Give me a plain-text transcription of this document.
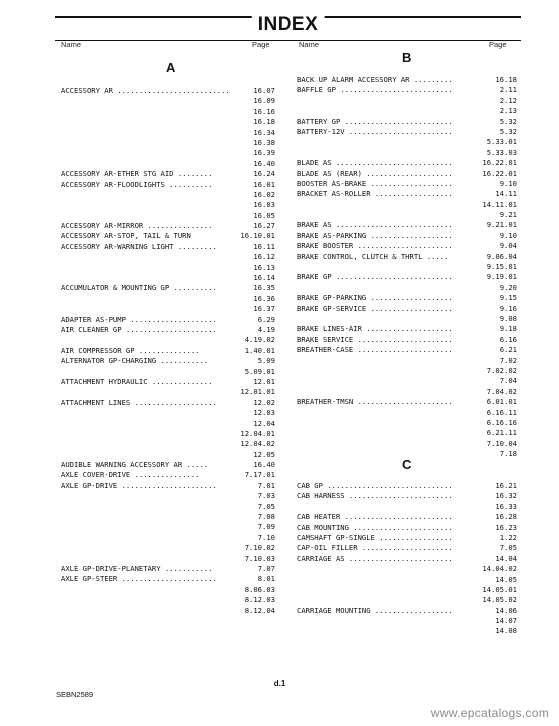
INDEX
Name	Page	Name	Page
A
B
ACCESSORY AR ..........................	16.07
16.09
16.16
16.18
16.34
16.38
16.39
16.40
ACCESSORY AR-ETHER STG AID ........	16.24
ACCESSORY AR-FLOODLIGHTS ..........	16.01
16.02
16.03
16.05
ACCESSORY AR-MIRROR ...............	16.27
ACCESSORY AR-STOP, TAIL & TURN	16.10.01
ACCESSORY AR-WARNING LIGHT .........	16.11
16.12
16.13
16.14
ACCUMULATOR & MOUNTING GP ..........	16.35
16.36
16.37
ADAPTER AS-PUMP ....................	6.29
AIR CLEANER GP .....................	4.19
4.19.02
AIR COMPRESSOR GP ..............	1.40.01
ALTERNATOR GP-CHARGING ...........	5.09
5.09.01
ATTACHMENT HYDRAULIC ..............	12.01
12.01.01
ATTACHMENT LINES ...................	12.02
12.03
12.04
12.04.01
12.04.02
12.05
AUDIBLE WARNING ACCESSORY AR .....	16.40
AXLE COVER-DRIVE ...............	7.17.01
AXLE GP-DRIVE ......................	7.01
7.03
7.05
7.08
7.09
7.10
7.10.02
7.10.03
AXLE GP-DRIVE-PLANETARY ...........	7.07
AXLE GP-STEER ......................	8.01
8.06.03
8.12.03
8.12.04
BACK UP ALARM ACCESSORY AR .........	16.18
BAFFLE GP ..........................	2.11
2.12
2.13
BATTERY GP .........................	5.32
BATTERY-12V ........................	5.32
5.33.01
5.33.03
BLADE AS ...........................	16.22.01
BLADE AS (REAR) ....................	16.22.01
BOOSTER AS-BRAKE ...................	9.10
BRACKET AS-ROLLER ..................	14.11
14.11.01
9.21
BRAKE AS ...........................	9.21.01
BRAKE AS-PARKING ...................	9.10
BRAKE BOOSTER ......................	9.04
BRAKE CONTROL, CLUTCH & THRTL .....	9.06.04
9.15.01
BRAKE GP ...........................	9.19.01
9.20
BRAKE GP-PARKING ...................	9.15
BRAKE GP-SERVICE ...................	9.16
9.08
BRAKE LINES-AIR ....................	9.18
BRAKE SERVICE ......................	6.16
BREATHER-CASE ......................	6.21
7.02
7.02.02
7.04
7.04.02
BREATHER-TMSN ......................	6.01.01
6.16.11
6.16.16
6.21.11
7.10.04
7.18
C
CAB GP .............................	16.21
CAB HARNESS ........................	16.32
16.33
CAB HEATER .........................	16.28
CAB MOUNTING .......................	16.23
CAMSHAFT GP-SINGLE .................	1.22
CAP-OIL FILLER .....................	7.05
CARRIAGE AS ........................	14.04
14.04.02
14.05
14.05.01
14.05.02
CARRIAGE MOUNTING ..................	14.06
14.07
14.08
d.1
SEBN2589
www.epcatalogs.com
